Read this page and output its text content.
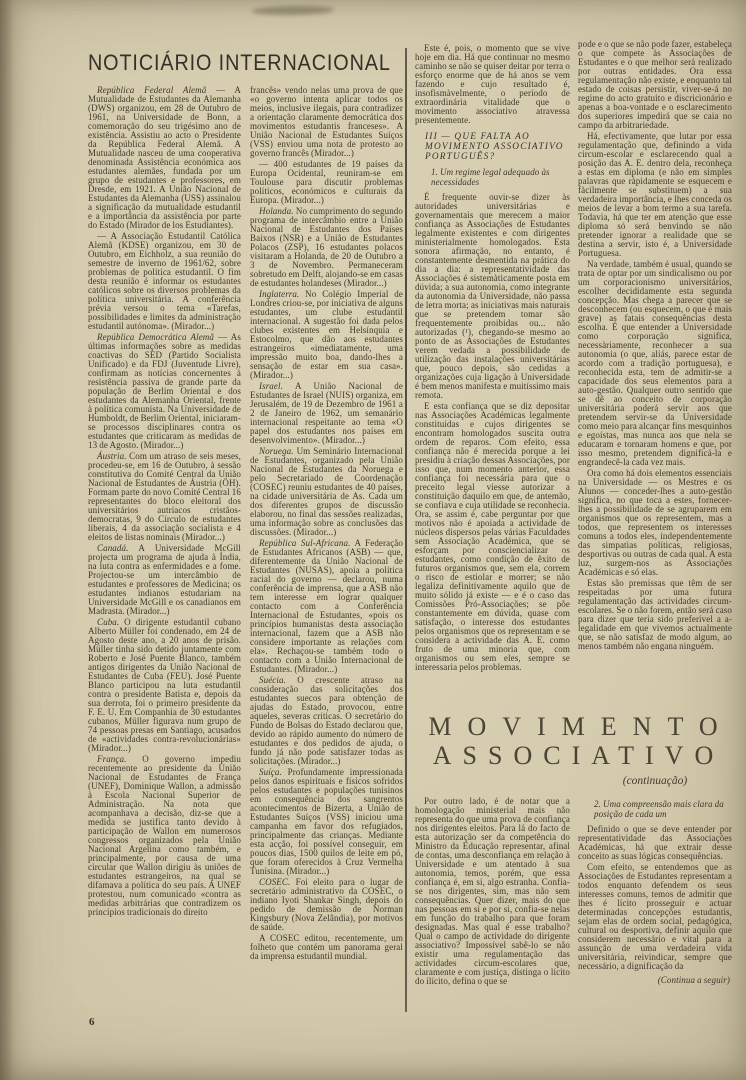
NOTICIÁRIO INTERNACIONAL

República Federal Alemã — A Mutualidade de Estudantes da Alemanha (DWS) organizou, em 28 de Outubro de 1961, na Universidade de Bonn, a comemoração do seu trigésimo ano de existência. Assistiu ao acto o Presidente da República Federal Alemã. A Mutualidade nasceu de uma cooperativa denominada Assistência económica aos estudantes alemães, fundada por um grupo de estudantes e professores, em Dresde, em 1921. A União Nacional de Estudantes da Alemanha (USS) assinalou a significação da mutualidade estudantil e a importância da assistência por parte do Estado (Mirador de los Estudiantes).

— A Associação Estudantil Católica Alemã (KDSE) organizou, em 30 de Outubro, em Eichholz, a sua reunião do semestre de inverno de 1961/62, sobre problemas de política estudantil. O fim desta reunião é informar os estudantes católicos sobre os diversos problemas da política universitária. A conferência prévia versou o tema «Tarefas, possibilidades e limites da administração estudantil autónoma». (Mirador...)

República Democrática Alemã — As últimas informações sobre as medidas coactivas do SED (Partido Socialista Unificado) e da FDJ (Juventude Livre), confirmam as notícias concernentes à resistência passiva de grande parte da população de Berlim Oriental e dos estudantes da Alemanha Oriental, frente à política comunista. Na Universidade de Humboldt, de Berlim Oriental, iniciaram-se processos disciplinares contra os estudantes que criticaram as medidas de 13 de Agosto. (Mirador...)

Áustria. Com um atraso de seis meses, procedeu-se, em 16 de Outubro, à sessão constitutiva do Comité Central da União Nacional de Estudantes de Áustria (ÖH). Formam parte do novo Comité Central 16 representantes do bloco eleitoral dos universitários autríacos cristãos-democratas, 9 do Círculo de estudantes liberais, 4 da associação socialista e 4 eleitos de listas nominais (Mirador...)

Canadá. A Universidade McGill projecta um programa de ajuda à Índia, na luta contra as enfermidades e a fome. Projectou-se um intercâmbio de estudantes e professores de Medicina; os estudantes indianos estudariam na Universidade McGill e os canadianos em Madrasta. (Mirador...)

Cuba. O dirigente estudantil cubano Alberto Müller foi condenado, em 24 de Agosto deste ano, a 20 anos de prisão. Müller tinha sido detido juntamente com Roberto e José Puente Blanco, também antigos dirigentes da União Nacional de Estudantes de Cuba (FEU). José Puente Blanco participou na luta estudantil contra o presidente Batista e, depois da sua derrota, foi o primeiro presidente da F. E. U. Em Companhia de 30 estudantes cubanos, Müller figurava num grupo de 74 pessoas presas em Santiago, acusados de «actividades contra-revolucionárias» (Mirador...)

França. O governo impediu recentemente ao presidente da União Nacional de Estudantes de França (UNEF), Dominique Wallon, a admissão à Escola Nacional Superior de Administração. Na nota que acompanhava a decisão, diz-se que a medida se justifica tanto devido à participação de Wallon em numerosos congressos organizados pela União Nacional Argelina como também, e principalmente, por causa de uma circular que Wallon dirigiu às uniões de estudantes estrangeiros, na qual se difamava a política do seu país. A UNEF protestou, num comunicado «contra as medidas arbitrárias que contradizem os princípios tradicionais do direito

francês» vendo nelas uma prova de que «o governo intenta aplicar todos os meios, inclusive ilegais, para contradizer a orientação claramente democrática dos movimentos estudantis franceses». A União Nacional de Estudantes Suíços (VSS) enviou uma nota de protesto ao governo francês (Mirador...)

— 400 estudantes de 19 países da Europa Ocidental, reuniram-se em Toulouse para discutir problemas políticos, económicos e culturais da Europa. (Mirador...)

Holanda. No cumprimento do segundo programa de intercâmbio entre a União Nacional de Estudantes dos Países Baixos (NSR) e a União de Estudantes Polacos (ZSP), 16 estudantes polacos visitaram a Holanda, de 20 de Outubro a 3 de Novembro. Permaneceram sobretudo em Delft, alojando-se em casas de estudantes holandeses (Mirador...)

Inglaterra. No Colégio Imperial de Londres criou-se, por iniciativa de alguns estudantes, um clube estudantil internacional. A sugestão foi dada pelos clubes existentes em Helsínquia e Estocolmo, que dão aos estudantes estrangeiros «imediatamente, uma impressão muito boa, dando-lhes a sensação de estar em sua casa». (Mirador...)

Israel. A União Nacional de Estudantes de Israel (NUIS) organiza, em Jerusalém, de 19 de Dezembro de 1961 a 2 de Janeiro de 1962, um semanário internacional respeitante ao tema «O papel dos estudantes nos países em desenvolvimento». (Mirador...)

Noruega. Um Seminário Internacional de Estudantes, organizado pela União Nacional de Estudantes da Noruega e pelo Secretariado de Coordenação (COSEC) reuniu estudantes de 40 países, na cidade universitária de As. Cada um dos diferentes grupos de discussão elaborou, no final das sessões realizadas, uma informação sobre as conclusões das discussões. (Mirador...)

República Sul-Africana. A Federação de Estudantes Africanos (ASB) — que, diferentemente da União Nacional de Estudantes (NUSAS), apoia a política racial do governo — declarou, numa conferência de imprensa, que a ASB não tem interesse em lograr qualquer contacto com a Conferência Internacional de Estudantes, «pois os princípios humanistas desta associação internacional, fazem que a ASB não considere importante as relações com ela». Rechaçou-se também todo o contacto com a União Internacional de Estudantes. (Mirador...)

Suécia. O crescente atraso na consideração das solicitações dos estudantes suecos para obtenção de ajudas do Estado, provocou, entre aqueles, severas críticas. O secretário do Fundo de Bolsas do Estado declarou que, devido ao rápido aumento do número de estudantes e dos pedidos de ajuda, o fundo já não pode satisfazer todas as solicitações. (Mirador...)

Suíça. Profundamente impressionada pelos danos espirituais e físicos sofridos pelos estudantes e populações tunisinos em consequência dos sangrentos acontecimentos de Bizerta, a União de Estudantes Suíços (VSS) iniciou uma campanha em favor dos refugiados, principalmente das crianças. Mediante esta acção, foi possível conseguir, em poucos dias, 1500 quilos de leite em pó, que foram oferecidos à Cruz Vermelha Tunisina. (Mirador...)

COSEC. Foi eleito para o lugar de secretário administrativo da COSEC, o indiano Iyoti Shankar Singh, depois do pedido de demissão de Norman Kingsbury (Nova Zelândia), por motivos de saúde.

A COSEC editou, recentemente, um folheto que contém um panorama geral da imprensa estudantil mundial.

Este é, pois, o momento que se vive hoje em dia. Há que continuar no mesmo caminho se não se quiser deitar por terra o esforço enorme que de há anos se vem fazendo e cujo resultado é, insofismàvelmente, o período de extraordinária vitalidade que o movimento associativo atravessa presentemente.

III — QUE FALTA AO MOVIMENTO ASSOCIATIVO PORTUGUÊS?

1. Um regime legal adequado às necessidades

É frequente ouvir-se dizer às autoridades universitárias e governamentais que merecem a maior confiança as Associações de Estudantes legalmente existentes e com dirigentes ministerialmente homologados. Esta sonora afirmação, no entanto, é constantemente desmentida na prática do dia a dia: a representatividade das Associações é sistemàticamente posta em dúvida; a sua autonomia, como integrante da autonomia da Universidade, não passa de letra morta; as iniciativas mais naturais que se pretendem tomar são frequentemente proibidas ou... não autorizadas (¹), chegando-se mesmo ao ponto de as Associações de Estudantes verem vedada a possibilidade de utilização das instalações universitárias que, pouco depois, são cedidas a organizações cuja ligação à Universidade é bem menos manifesta e muitíssimo mais remota.

E esta confiança que se diz depositar nas Associações Académicas legalmente constituídas e cujos dirigentes se encontram homologados suscita outra ordem de reparos. Com efeito, essa confiança não é merecida porque a lei presidiu à criação dessas Associações, por isso que, num momento anterior, essa confiança foi necessária para que o preceito legal viesse autorizar a constituição daquilo em que, de antemão, se confiava e cuja utilidade se reconhecia. Ora, se assim é, cabe perguntar por que motivos não é apoiada a actividade de núcleos dispersos pelas várias Faculdades sem Associação Académica, que se esforçam por consciencializar os estudantes, como condição de êxito de futuros organismos que, sem ela, correm o risco de estiolar e morrer; se não legaliza definitivamente aquilo que de muito sólido já existe — e é o caso das Comissões Pró-Associações; se põe constantemente em dúvida, quase com satisfação, o interesse dos estudantes pelos organismos que os representam e se considera a actividade das A. E. como fruto de uma minoria que, com organismos ou sem eles, sempre se interessaria pelos problemas.

pode e o que se não pode fazer, estabeleça o que compete às Associações de Estudantes e o que melhor será realizado por outras entidades. Ora essa regulamentação não existe, e enquanto tal estado de coisas persistir, viver-se-á no regime do acto gratuito e discricionário e apenas a boa-vontade e o esclarecimento dos superiores impedirá que se caia no campo da arbitrariedade.

Há, efectivamente, que lutar por essa regulamentação que, definindo a vida circum-escolar e esclarecendo qual a posição das A. E. dentro dela, reconheça a estas em diploma (e não em simples palavras que ràpidamente se esquecem e fàcilmente se substituem) a sua verdadeira importância, e lhes conceda os meios de levar a bom termo a sua tarefa. Todavia, há que ter em atenção que esse diploma só será benvindo se não pretender ignorar a realidade que se destina a servir, isto é, a Universidade Portuguesa.

Na verdade, também é usual, quando se trata de optar por um sindicalismo ou por um corporacionismo universitários, escolher decididamente esta segunda concepção. Mas chega a parecer que se desconhecem (ou esquecem, o que é mais grave) as fatais consequências desta escolha. É que entender a Universidade como corporação significa, necessàriamente, reconhecer a sua autonomia (o que, aliás, parece estar de acordo com a tradição portuguesa), e reconhecida esta, tem de admitir-se a capacidade dos seus elementos para a auto-gestão. Qualquer outro sentido que se dê ao conceito de corporação universitária poderá servir aos que pretendem servir-se da Universidade como meio para alcançar fins mesquinhos e egoístas, mas nunca aos que nela se educaram e tornaram homens e que, por isso mesmo, pretendem dignificá-la e engrandecê-la cada vez mais.

Ora como há dois elementos essenciais na Universidade — os Mestres e os Alunos — conceder-lhes a auto-gestão significa, no que toca a estes, fornecer-lhes a possibilidade de se agruparem em organismos que os representem, mas a todos, que representem os interesses comuns a todos eles, independentemente das simpatias políticas, religiosas, desportivas ou outras de cada qual. A esta luz, surgem-nos as Associações Académicas e só elas.

Estas são premissas que têm de ser respeitadas por uma futura regulamentação das actividades circum-escolares. Se o não forem, então será caso para dizer que teria sido preferível a a-legalidade em que vivemos actualmente que, se não satisfaz de modo algum, ao menos também não engana ninguém.

MOVIMENTO
ASSOCIATIVO
(continuação)

Por outro lado, é de notar que a homologação ministerial mais não representa do que uma prova de confiança nos dirigentes eleitos. Para lá do facto de esta autorização ser da competência do Ministro da Educação representar, afinal de contas, uma desconfiança em relação à Universidade e um atentado à sua autonomia, temos, porém, que essa confiança é, em si, algo estranha. Confia-se nos dirigentes, sim, mas não sem consequências. Quer dizer, mais do que nas pessoas em si e por si, confia-se nelas em função do trabalho para que foram designadas. Mas qual é esse trabalho? Qual o campo de actividade do dirigente associativo? Impossível sabê-lo se não existir uma regulamentação das actividades circum-escolares que, claramente e com justiça, distinga o lícito do ilícito, defina o que se

2. Uma compreensão mais clara da posição de cada um

Definido o que se deve entender por representatividade das Associações Académicas, há que extrair desse conceito as suas lógicas consequências.

Com efeito, se entendemos que as Associações de Estudantes representam a todos enquanto defendem os seus interesses comuns, temos de admitir que lhes é lícito prosseguir e actuar determinadas concepções estudantis, sejam elas de ordem social, pedagógica, cultural ou desportiva, definir aquilo que considerem necessário e vital para a assunção de uma verdadeira vida universitária, reivindicar, sempre que necessário, a dignificação da

(Continua a seguir)

6
